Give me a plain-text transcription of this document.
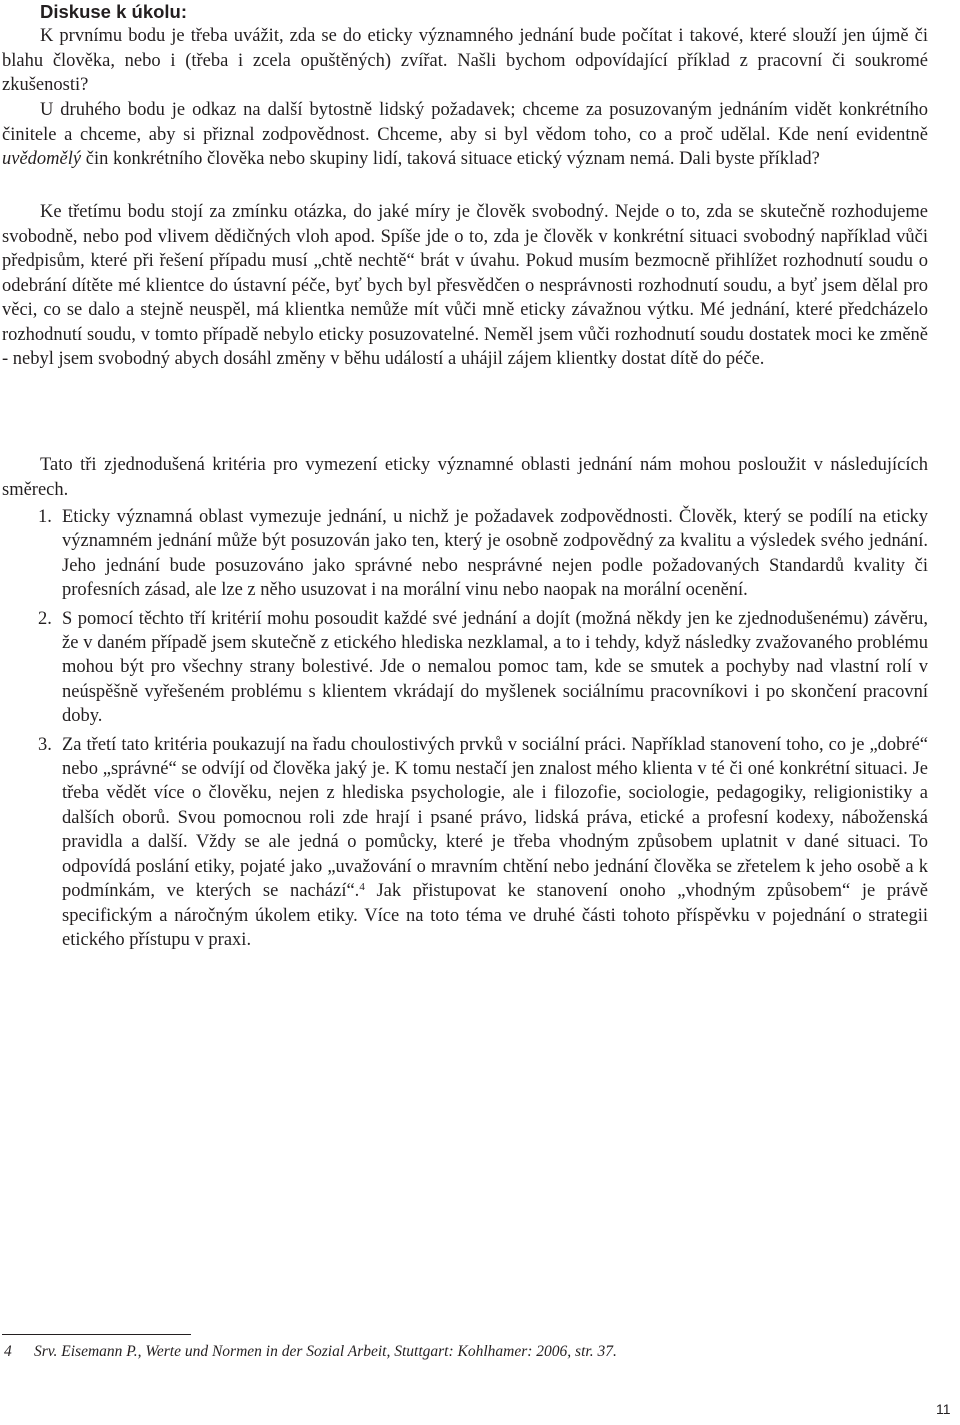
Diskuse k úkolu:

K prvnímu bodu je třeba uvážit, zda se do eticky významného jednání bude počítat i takové, které slouží jen újmě či blahu člověka, nebo i (třeba i zcela opuštěných) zvířat. Našli bychom odpovídající příklad z pracovní či soukromé zkušenosti?

U druhého bodu je odkaz na další bytostně lidský požadavek; chceme za posuzovaným jednáním vidět konkrétního činitele a chceme, aby si přiznal zodpovědnost. Chceme, aby si byl vědom toho, co a proč udělal. Kde není evidentně uvědomělý čin konkrétního člověka nebo skupiny lidí, taková situace etický význam nemá. Dali byste příklad?

Ke třetímu bodu stojí za zmínku otázka, do jaké míry je člověk svobodný. Nejde o to, zda se skutečně rozhodujeme svobodně, nebo pod vlivem dědičných vloh apod. Spíše jde o to, zda je člověk v konkrétní situaci svobodný například vůči předpisům, které při řešení případu musí „chtě nechtě“ brát v úvahu. Pokud musím bezmocně přihlížet rozhodnutí soudu o odebrání dítěte mé klientce do ústavní péče, byť bych byl přesvědčen o nesprávnosti rozhodnutí soudu, a byť jsem dělal pro věci, co se dalo a stejně neuspěl, má klientka nemůže mít vůči mně eticky závažnou výtku. Mé jednání, které předcházelo rozhodnutí soudu, v tomto případě nebylo eticky posuzovatelné. Neměl jsem vůči rozhodnutí soudu dostatek moci ke změně - nebyl jsem svobodný abych dosáhl změny v běhu událostí a uhájil zájem klientky dostat dítě do péče.

Tato tři zjednodušená kritéria pro vymezení eticky významné oblasti jednání nám mohou posloužit v následujících směrech.

1. Eticky významná oblast vymezuje jednání, u nichž je požadavek zodpovědnosti. Člověk, který se podílí na eticky významném jednání může být posuzován jako ten, který je osobně zodpovědný za kvalitu a výsledek svého jednání. Jeho jednání bude posuzováno jako správné nebo nesprávné nejen podle požadovaných Standardů kvality či profesních zásad, ale lze z něho usuzovat i na morální vinu nebo naopak na morální ocenění.
2. S pomocí těchto tří kritérií mohu posoudit každé své jednání a dojít (možná někdy jen ke zjednodušenému) závěru, že v daném případě jsem skutečně z etického hlediska nezklamal, a to i tehdy, když následky zvažovaného problému mohou být pro všechny strany bolestivé. Jde o nemalou pomoc tam, kde se smutek a pochyby nad vlastní rolí v neúspěšně vyřešeném problému s klientem vkrádají do myšlenek sociálnímu pracovníkovi i po skončení pracovní doby.
3. Za třetí tato kritéria poukazují na řadu choulostivých prvků v sociální práci. Například stanovení toho, co je „dobré“ nebo „správné“ se odvíjí od člověka jaký je. K tomu nestačí jen znalost mého klienta v té či oné konkrétní situaci. Je třeba vědět více o člověku, nejen z hlediska psychologie, ale i filozofie, sociologie, pedagogiky, religionistiky a dalších oborů. Svou pomocnou roli zde hrají i psané právo, lidská práva, etické a profesní kodexy, náboženská pravidla a další. Vždy se ale jedná o pomůcky, které je třeba vhodným způsobem uplatnit v dané situaci. To odpovídá poslání etiky, pojaté jako „uvažování o mravním chtění nebo jednání člověka se zřetelem k jeho osobě a k podmínkám, ve kterých se nachází“.$^4$ Jak přistupovat ke stanovení onoho „vhodným způsobem“ je právě specifickým a náročným úkolem etiky. Více na toto téma ve druhé části tohoto příspěvku v pojednání o strategii etického přístupu v praxi.

4 Srv. Eisemann P., Werte und Normen in der Sozial Arbeit, Stuttgart: Kohlhamer: 2006, str. 37.

11
